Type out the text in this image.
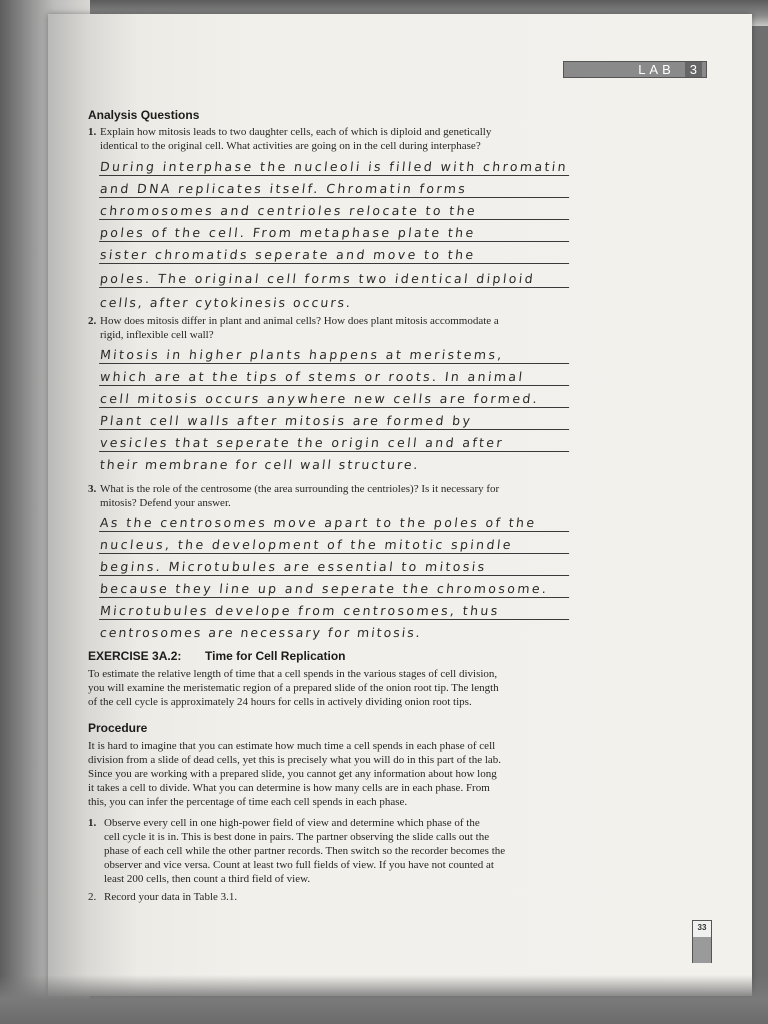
LAB	3
Analysis Questions
1. Explain how mitosis leads to two daughter cells, each of which is diploid and genetically
identical to the original cell. What activities are going on in the cell during interphase?
During interphase the nucleoli is filled with chromatin
and DNA replicates itself. Chromatin forms
chromosomes and centrioles relocate to the
poles of the cell. From metaphase plate the
sister chromatids seperate and move to the
poles. The original cell forms two identical diploid
cells, after cytokinesis occurs.
2. How does mitosis differ in plant and animal cells? How does plant mitosis accommodate a
rigid, inflexible cell wall?
Mitosis in higher plants happens at meristems,
which are at the tips of stems or roots. In animal
cell mitosis occurs anywhere new cells are formed.
Plant cell walls after mitosis are formed by
vesicles that seperate the origin cell and after
their membrane for cell wall structure.
3. What is the role of the centrosome (the area surrounding the centrioles)? Is it necessary for
mitosis? Defend your answer.
As the centrosomes move apart to the poles of the
nucleus, the development of the mitotic spindle
begins. Microtubules are essential to mitosis
because they line up and seperate the chromosome.
Microtubules develope from centrosomes, thus
centrosomes are necessary for mitosis.
EXERCISE 3A.2: Time for Cell Replication
To estimate the relative length of time that a cell spends in the various stages of cell division,
you will examine the meristematic region of a prepared slide of the onion root tip. The length
of the cell cycle is approximately 24 hours for cells in actively dividing onion root tips.
Procedure
It is hard to imagine that you can estimate how much time a cell spends in each phase of cell
division from a slide of dead cells, yet this is precisely what you will do in this part of the lab.
Since you are working with a prepared slide, you cannot get any information about how long
it takes a cell to divide. What you can determine is how many cells are in each phase. From
this, you can infer the percentage of time each cell spends in each phase.
1. Observe every cell in one high-power field of view and determine which phase of the
cell cycle it is in. This is best done in pairs. The partner observing the slide calls out the
phase of each cell while the other partner records. Then switch so the recorder becomes the
observer and vice versa. Count at least two full fields of view. If you have not counted at
least 200 cells, then count a third field of view.
2. Record your data in Table 3.1.
33
